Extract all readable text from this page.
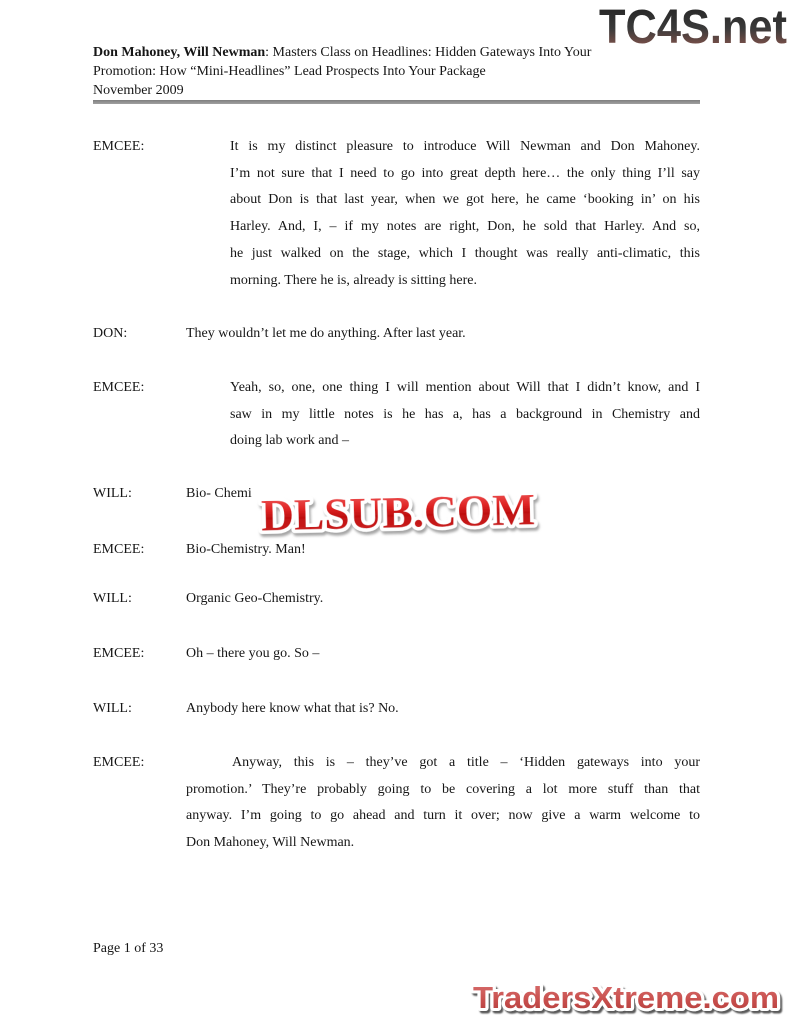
TC4S.net
Don Mahoney, Will Newman: Masters Class on Headlines: Hidden Gateways Into Your
Promotion: How “Mini-Headlines” Lead Prospects Into Your Package
November 2009
EMCEE:	It is my distinct pleasure to introduce Will Newman and Don Mahoney.
I’m not sure that I need to go into great depth here… the only thing I’ll say
about Don is that last year, when we got here, he came ‘booking in’ on his
Harley. And, I, – if my notes are right, Don, he sold that Harley. And so,
he just walked on the stage, which I thought was really anti-climatic, this
morning. There he is, already is sitting here.
DON:	They wouldn’t let me do anything. After last year.
EMCEE:	Yeah, so, one, one thing I will mention about Will that I didn’t know, and I
saw in my little notes is he has a, has a background in Chemistry and
doing lab work and –
WILL:	Bio- Chemi
EMCEE:	Bio-Chemistry. Man!
WILL:	Organic Geo-Chemistry.
EMCEE:	Oh – there you go. So –
WILL:	Anybody here know what that is? No.
EMCEE:	Anyway, this is – they’ve got a title – ‘Hidden gateways into your
promotion.’ They’re probably going to be covering a lot more stuff than that
anyway. I’m going to go ahead and turn it over; now give a warm welcome to
Don Mahoney, Will Newman.
DLSUB.COM
Page 1 of 33
TradersXtreme.com
